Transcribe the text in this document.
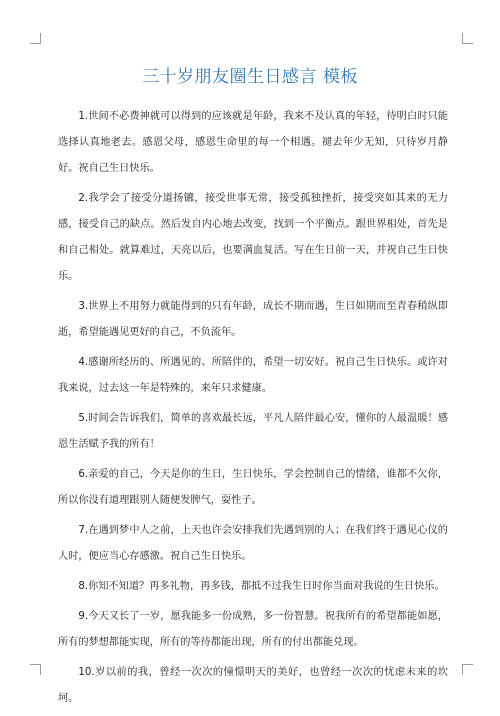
三十岁朋友圈生日感言 模板

1.世间不必费神就可以得到的应该就是年龄，我来不及认真的年轻，待明白时只能选择认真地老去。感恩父母，感恩生命里的每一个相遇。褪去年少无知，只待岁月静好。祝自己生日快乐。

2.我学会了接受分道扬镳，接受世事无常，接受孤独挫折，接受突如其来的无力感，接受自己的缺点。然后发自内心地去改变，找到一个平衡点。跟世界相处，首先是和自己相处。就算难过，天亮以后，也要满血复活。写在生日前一天，并祝自己生日快乐。

3.世界上不用努力就能得到的只有年龄，成长不期而遇，生日如期而至青春稍纵即逝，希望能遇见更好的自己，不负流年。

4.感谢所经历的、所遇见的、所陪伴的，希望一切安好。祝自己生日快乐。或许对我来说，过去这一年是特殊的，来年只求健康。

5.时间会告诉我们，简单的喜欢最长远，平凡人陪伴最心安，懂你的人最温暖！感恩生活赋予我的所有！

6.亲爱的自己，今天是你的生日，生日快乐，学会控制自己的情绪，谁都不欠你，所以你没有道理跟别人随便发脾气，耍性子。

7.在遇到梦中人之前，上天也许会安排我们先遇到别的人；在我们终于遇见心仪的人时，便应当心存感激。祝自己生日快乐。

8.你知不知道？再多礼物，再多钱，都抵不过我生日时你当面对我说的生日快乐。

9.今天又长了一岁，愿我能多一份成熟，多一份智慧。祝我所有的希望都能如愿，所有的梦想都能实现，所有的等待都能出现，所有的付出都能兑现。

10.岁以前的我，曾经一次次的憧憬明天的美好，也曾经一次次的忧虑未来的坎坷。
